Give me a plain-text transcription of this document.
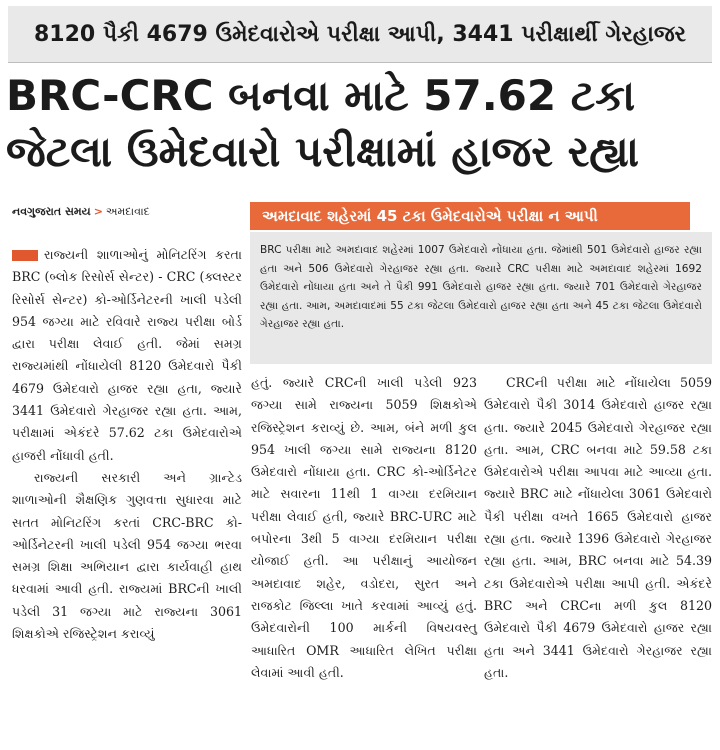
8120 પૈકી 4679 ઉમેદવારોએ પરીક્ષા આપી, 3441 પરીક્ષાર્થી ગેરહાજર
BRC-CRC બનવા માટે 57.62 ટકા
જેટલા ઉમેદવારો પરીક્ષામાં હાજર રહ્યા
નવગુજરાત સમય > અમદાવાદ	અમદાવાદ શહેરમાં 45 ટકા ઉમેદવારોએ પરીક્ષા ન આપી
BRC પરીક્ષા માટે અમદાવાદ શહેરમાં 1007 ઉમેદવારો નોંધાયા હતા. જેમાંથી 501 ઉમેદવારો હાજર રહ્યા હતા અને 506 ઉમેદવારો ગેરહાજર રહ્યા હતા. જ્યારે CRC પરીક્ષા માટે અમદાવાદ શહેરમાં 1692 ઉમેદવારો નોંધાયા હતા અને તે પૈકી 991 ઉમેદવારો હાજર રહ્યા હતા. જ્યારે 701 ઉમેદવારો ગેરહાજર રહ્યા હતા. આમ, અમદાવાદમાં 55 ટકા જેટલા ઉમેદવારો હાજર રહ્યા હતા અને 45 ટકા જેટલા ઉમેદવારો ગેરહાજર રહ્યા હતા.

રાજ્યની શાળાઓનું મોનિટરિંગ કરતા BRC (બ્લોક રિસોર્સ સેન્ટર) - CRC (ક્લસ્ટર રિસોર્સ સેન્ટર) કો-ઓર્ડિનેટરની ખાલી પડેલી 954 જગ્યા માટે રવિવારે રાજ્ય પરીક્ષા બોર્ડ દ્વારા પરીક્ષા લેવાઈ હતી. જેમાં સમગ્ર રાજ્યમાંથી નોંધાયેલી 8120 ઉમેદવારો પૈકી 4679 ઉમેદવારો હાજર રહ્યા હતા, જ્યારે 3441 ઉમેદવારો ગેરહાજર રહ્યા હતા. આમ, પરીક્ષામાં એકંદરે 57.62 ટકા ઉમેદવારોએ હાજરી નોંધાવી હતી.

રાજ્યની સરકારી અને ગ્રાન્ટેડ શાળાઓની શૈક્ષણિક ગુણવત્તા સુધારવા માટે સતત મોનિટરિંગ કરતાં CRC-BRC કો-ઓર્ડિનેટરની ખાલી પડેલી 954 જગ્યા ભરવા સમગ્ર શિક્ષા અભિયાન દ્વારા કાર્યવાહી હાથ ધરવામાં આવી હતી. રાજ્યમાં BRCની ખાલી પડેલી 31 જગ્યા માટે રાજ્યના 3061 શિક્ષકોએ રજિસ્ટ્રેશન કરાવ્યું

હતું. જ્યારે CRCની ખાલી પડેલી 923 જગ્યા સામે રાજ્યના 5059 શિક્ષકોએ રજિસ્ટ્રેશન કરાવ્યું છે. આમ, બંને મળી કુલ 954 ખાલી જગ્યા સામે રાજ્યના 8120 ઉમેદવારો નોંધાયા હતા. CRC કો-ઓર્ડિનેટર માટે સવારના 11થી 1 વાગ્યા દરમિયાન પરીક્ષા લેવાઈ હતી, જ્યારે BRC-URC માટે બપોરના 3થી 5 વાગ્યા દરમિયાન પરીક્ષા યોજાઈ હતી. આ પરીક્ષાનું આયોજન અમદાવાદ શહેર, વડોદરા, સુરત અને રાજકોટ જિલ્લા ખાતે કરવામાં આવ્યું હતું. ઉમેદવારોની 100 માર્કની વિષયવસ્તુ આધારિત OMR આધારિત લેખિત પરીક્ષા લેવામાં આવી હતી.

CRCની પરીક્ષા માટે નોંધાયેલા 5059 ઉમેદવારો પૈકી 3014 ઉમેદવારો હાજર રહ્યા હતા. જ્યારે 2045 ઉમેદવારો ગેરહાજર રહ્યા હતા. આમ, CRC બનવા માટે 59.58 ટકા ઉમેદવારોએ પરીક્ષા આપવા માટે આવ્યા હતા. જ્યારે BRC માટે નોંધાયેલા 3061 ઉમેદવારો પૈકી પરીક્ષા વખતે 1665 ઉમેદવારો હાજર રહ્યા હતા. જ્યારે 1396 ઉમેદવારો ગેરહાજર રહ્યા હતા. આમ, BRC બનવા માટે 54.39 ટકા ઉમેદવારોએ પરીક્ષા આપી હતી. એકંદરે BRC અને CRCના મળી કુલ 8120 ઉમેદવારો પૈકી 4679 ઉમેદવારો હાજર રહ્યા હતા અને 3441 ઉમેદવારો ગેરહાજર રહ્યા હતા.
